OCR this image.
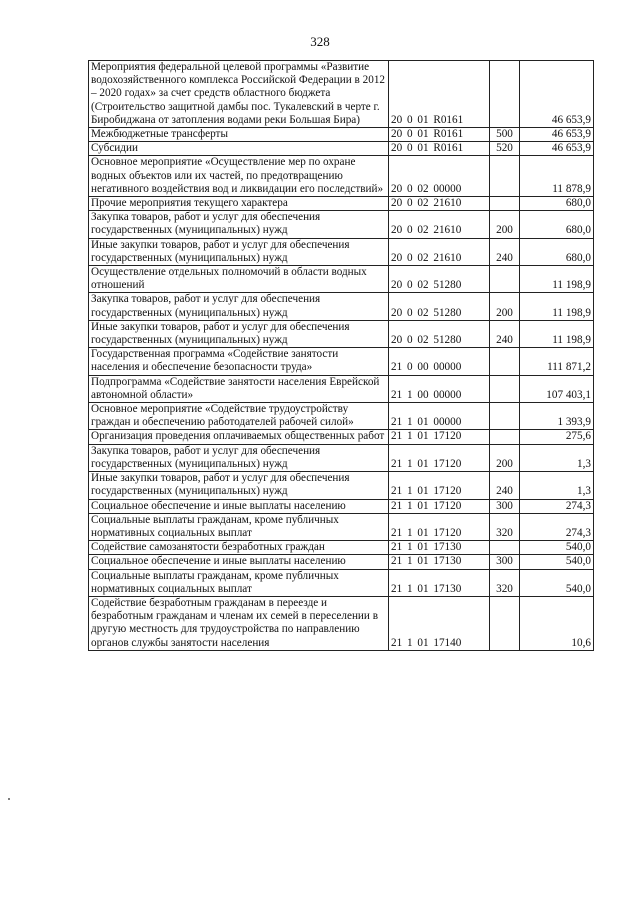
328
Мероприятия федеральной целевой программы «Развитие водохозяйственного комплекса Российской Федерации в 2012 – 2020 годах» за счет средств областного бюджета (Строительство защитной дамбы пос. Тукалевский в черте г. Биробиджана от затопления водами реки Большая Бира)	20 0 01 R0161		46 653,9
Межбюджетные трансферты	20 0 01 R0161	500	46 653,9
Субсидии	20 0 01 R0161	520	46 653,9
Основное мероприятие «Осуществление мер по охране водных объектов или их частей, по предотвращению негативного воздействия вод и ликвидации его последствий»	20 0 02 00000		11 878,9
Прочие мероприятия текущего характера	20 0 02 21610		680,0
Закупка товаров, работ и услуг для обеспечения государственных (муниципальных) нужд	20 0 02 21610	200	680,0
Иные закупки товаров, работ и услуг для обеспечения государственных (муниципальных) нужд	20 0 02 21610	240	680,0
Осуществление отдельных полномочий в области водных отношений	20 0 02 51280		11 198,9
Закупка товаров, работ и услуг для обеспечения государственных (муниципальных) нужд	20 0 02 51280	200	11 198,9
Иные закупки товаров, работ и услуг для обеспечения государственных (муниципальных) нужд	20 0 02 51280	240	11 198,9
Государственная программа «Содействие занятости населения и обеспечение безопасности труда»	21 0 00 00000		111 871,2
Подпрограмма «Содействие занятости населения Еврейской автономной области»	21 1 00 00000		107 403,1
Основное мероприятие «Содействие трудоустройству граждан и обеспечению работодателей рабочей силой»	21 1 01 00000		1 393,9
Организация проведения оплачиваемых общественных работ	21 1 01 17120		275,6
Закупка товаров, работ и услуг для обеспечения государственных (муниципальных) нужд	21 1 01 17120	200	1,3
Иные закупки товаров, работ и услуг для обеспечения государственных (муниципальных) нужд	21 1 01 17120	240	1,3
Социальное обеспечение и иные выплаты населению	21 1 01 17120	300	274,3
Социальные выплаты гражданам, кроме публичных нормативных социальных выплат	21 1 01 17120	320	274,3
Содействие самозанятости безработных граждан	21 1 01 17130		540,0
Социальное обеспечение и иные выплаты населению	21 1 01 17130	300	540,0
Социальные выплаты гражданам, кроме публичных нормативных социальных выплат	21 1 01 17130	320	540,0
Содействие безработным гражданам в переезде и безработным гражданам и членам их семей в переселении в другую местность для трудоустройства по направлению органов службы занятости населения	21 1 01 17140		10,6
